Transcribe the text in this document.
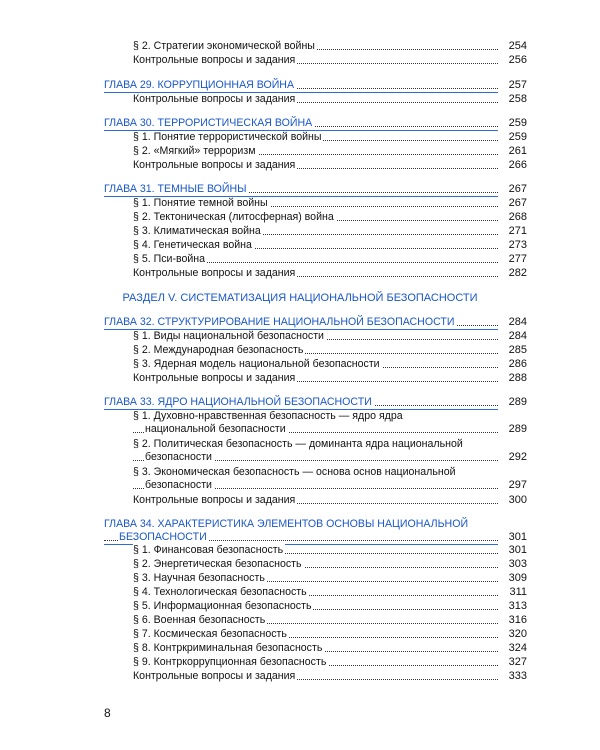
§ 2. Стратегии экономической войны	254
Контрольные вопросы и задания	256
ГЛАВА 29. КОРРУПЦИОННАЯ ВОЙНА	257
Контрольные вопросы и задания	258
ГЛАВА 30. ТЕРРОРИСТИЧЕСКАЯ ВОЙНА	259
§ 1. Понятие террористической войны	259
§ 2. «Мягкий» терроризм	261
Контрольные вопросы и задания	266
ГЛАВА 31. ТЕМНЫЕ ВОЙНЫ	267
§ 1. Понятие темной войны	267
§ 2. Тектоническая (литосферная) война	268
§ 3. Климатическая война	271
§ 4. Генетическая война	273
§ 5. Пси-война	277
Контрольные вопросы и задания	282
ГЛАВА 32. СТРУКТУРИРОВАНИЕ НАЦИОНАЛЬНОЙ БЕЗОПАСНОСТИ	284
§ 1. Виды национальной безопасности	284
§ 2. Международная безопасность	285
§ 3. Ядерная модель национальной безопасности	286
Контрольные вопросы и задания	288
ГЛАВА 33. ЯДРО НАЦИОНАЛЬНОЙ БЕЗОПАСНОСТИ	289
§ 1. Духовно-нравственная безопасность — ядро ядра
национальной безопасности	289
§ 2. Политическая безопасность — доминанта ядра национальной
безопасности	292
§ 3. Экономическая безопасность — основа основ национальной
безопасности	297
Контрольные вопросы и задания	300
ГЛАВА 34. ХАРАКТЕРИСТИКА ЭЛЕМЕНТОВ ОСНОВЫ НАЦИОНАЛЬНОЙ
БЕЗОПАСНОСТИ	301
§ 1. Финансовая безопасность	301
§ 2. Энергетическая безопасность	303
§ 3. Научная безопасность	309
§ 4. Технологическая безопасность	311
§ 5. Информационная безопасность	313
§ 6. Военная безопасность	316
§ 7. Космическая безопасность	320
§ 8. Контркриминальная безопасность	324
§ 9. Контркоррупционная безопасность	327
Контрольные вопросы и задания	333
РАЗДЕЛ V. СИСТЕМАТИЗАЦИЯ НАЦИОНАЛЬНОЙ БЕЗОПАСНОСТИ
8
